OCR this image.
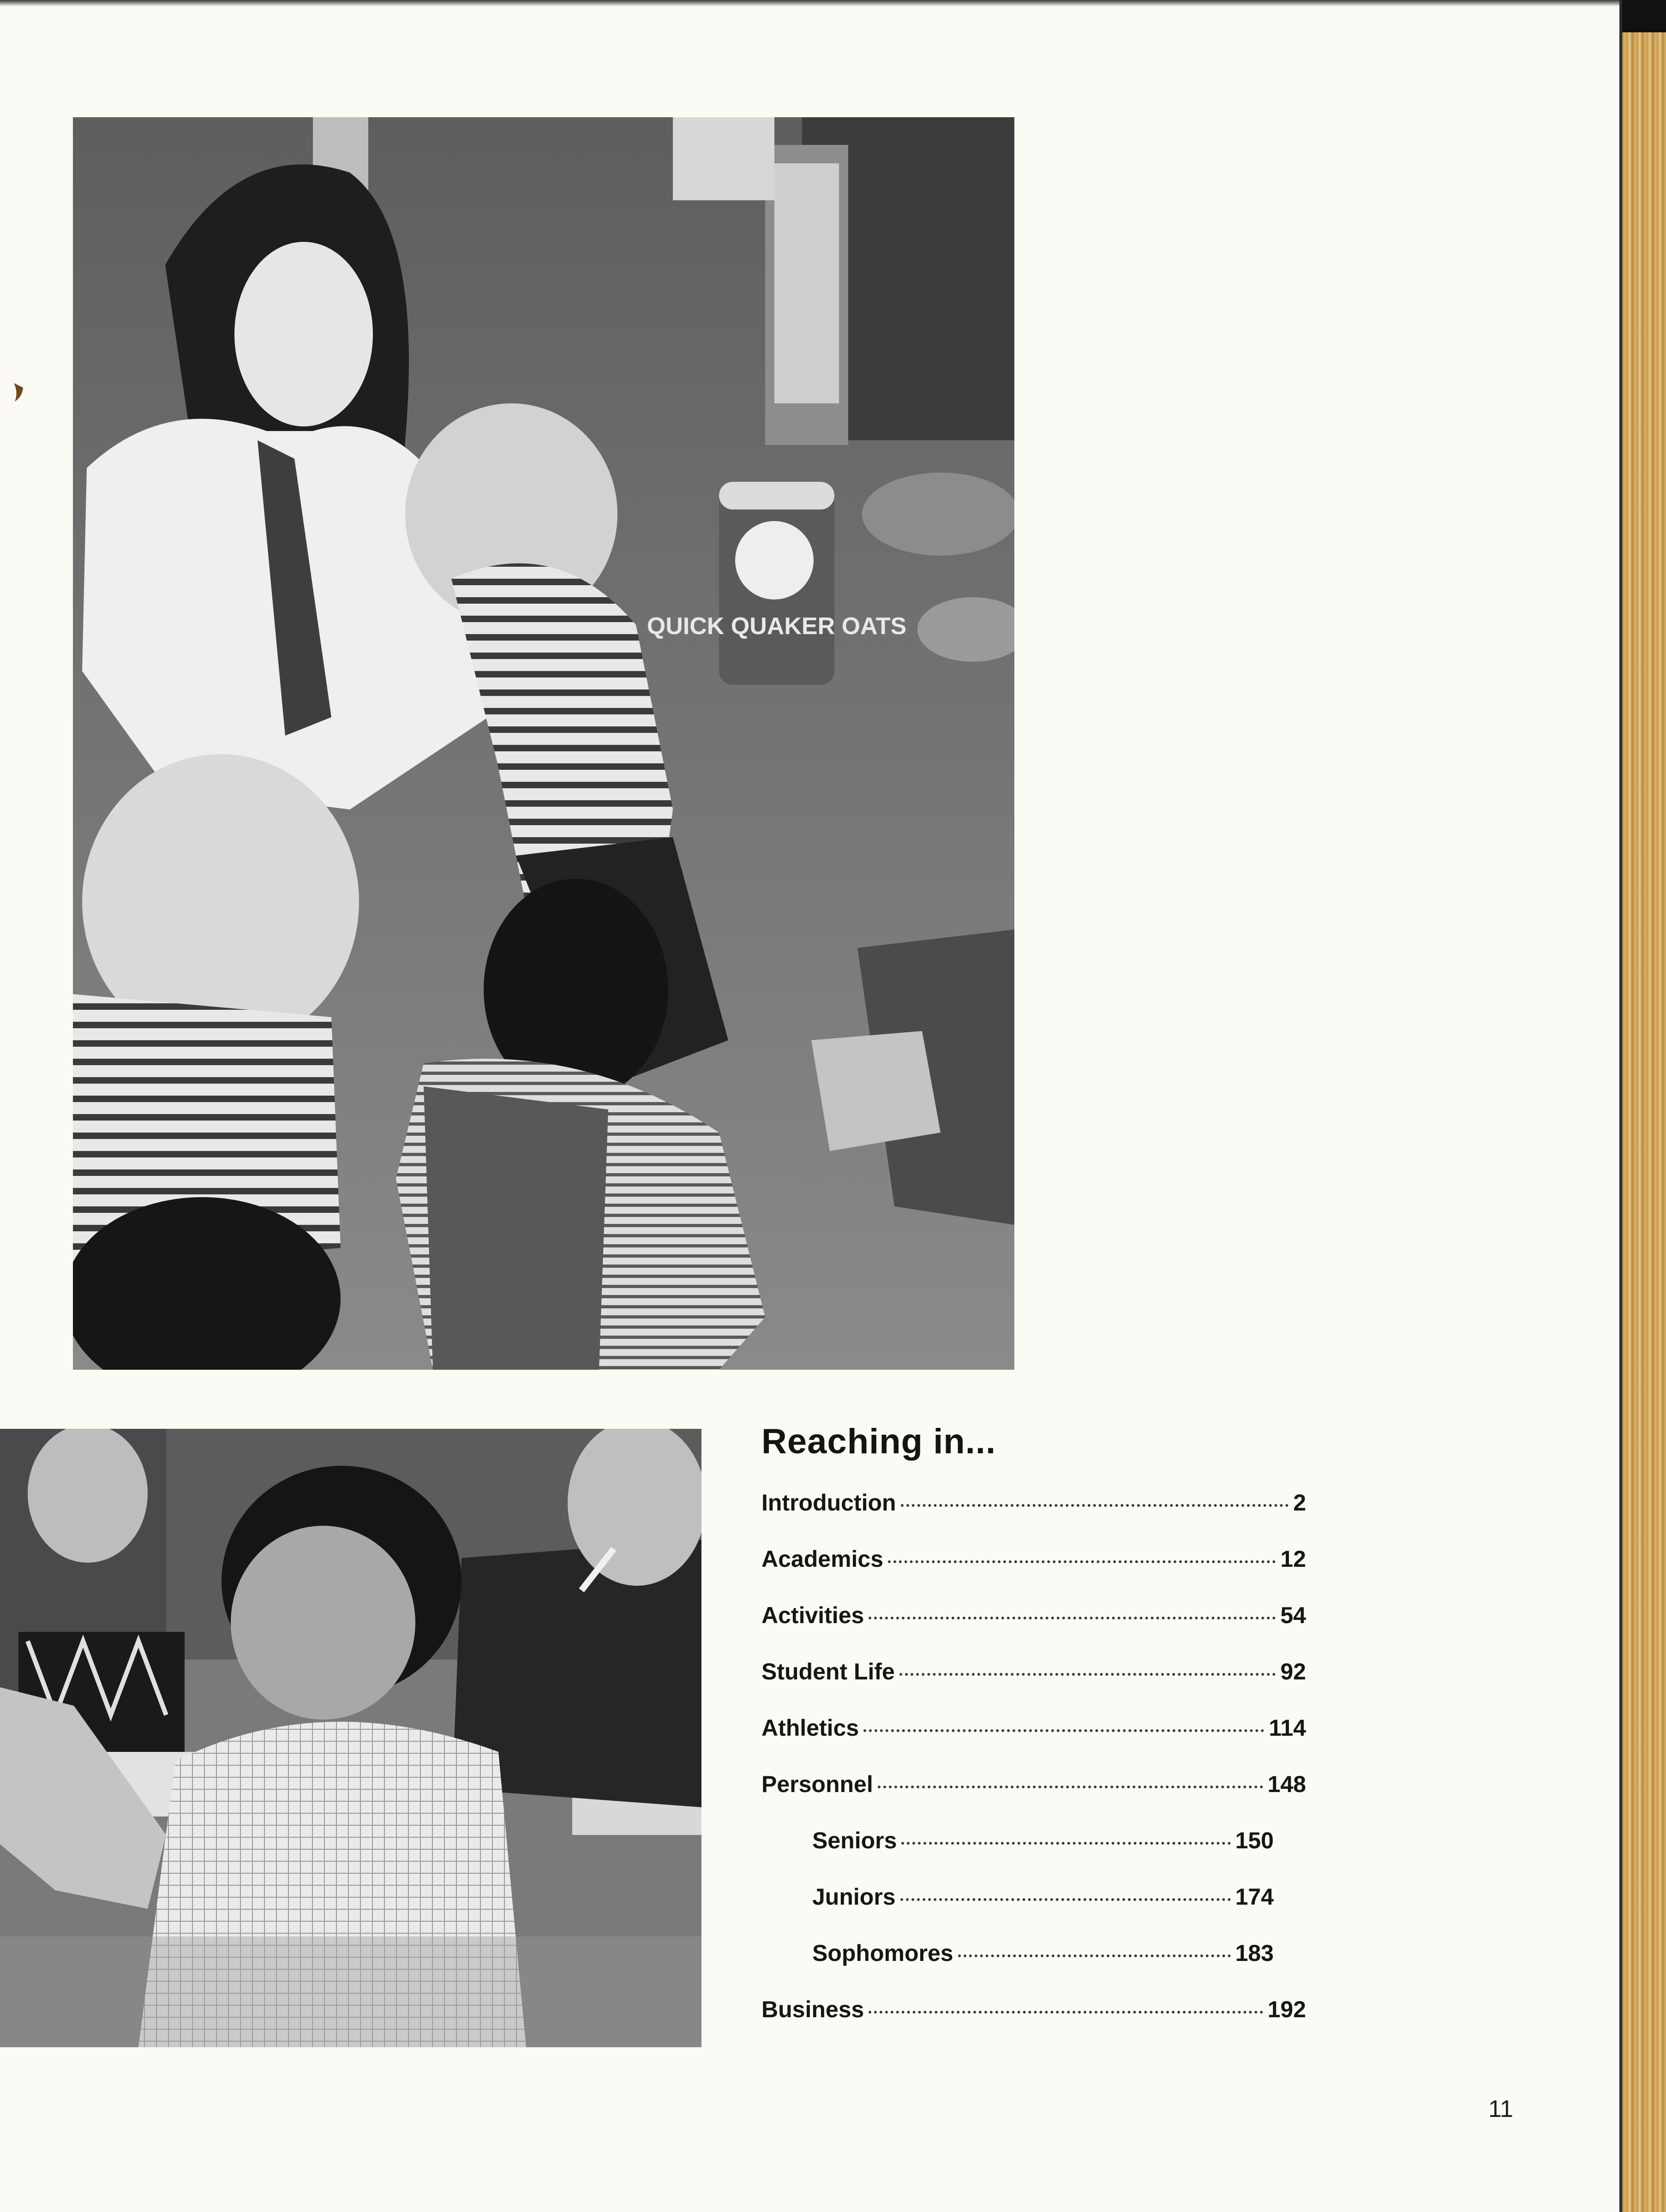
QUICK QUAKER OATS
Reaching in...
Introduction	2
Academics	12
Activities	54
Student Life	92
Athletics	114
Personnel	148
Seniors	150
Juniors	174
Sophomores	183
Business	192
11
